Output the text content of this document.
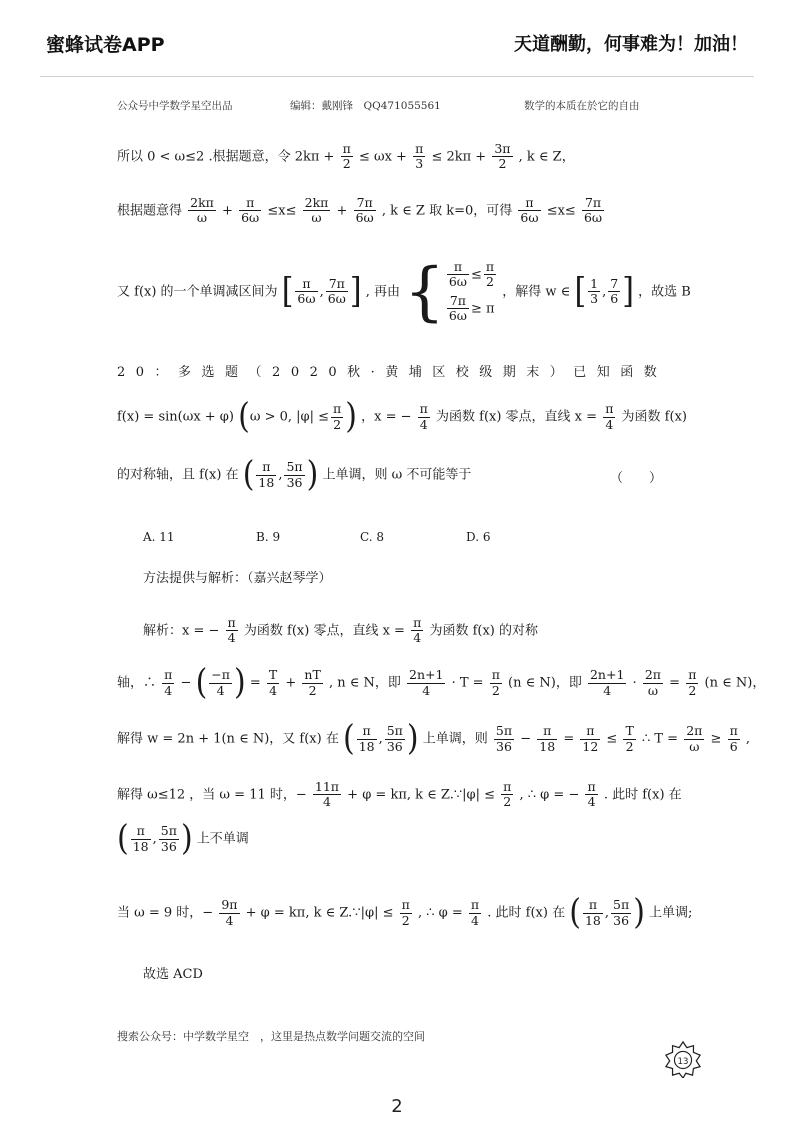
蜜蜂试卷APP	天道酬勤，何事难为！加油！
公众号中学数学星空出品	编辑：戴刚锋　QQ471055561	数学的本质在於它的自由
所以 0 < ω≤2 .根据题意，令 $2k\pi + \frac{\pi}{2} \le \omega x + \frac{\pi}{3} \le 2k\pi + \frac{3\pi}{2}$ , k ∈ Z，
根据题意得 $\frac{2k\pi}{\omega} + \frac{\pi}{6\omega} \le x\le \frac{2k\pi}{\omega} + \frac{7\pi}{6\omega}$ , k ∈ Z 取 k=0，可得 $\frac{\pi}{6\omega} \le x\le \frac{7\pi}{6\omega}$
又 f(x) 的一个单调减区间为 [ $\frac{\pi}{6\omega}$ , $\frac{7\pi}{6\omega}$ ] , 再由 { $\frac{\pi}{6\omega} \le \frac{\pi}{2}$
$\frac{7\pi}{6\omega} \ge \pi$
，解得 w ∈ [ $\frac{1}{3}$ , $\frac{7}{6}$ ] ，故选 B
20：多选题（2020秋·黄埔区校级期末）已知函数
f(x) = sin(ωx + φ) (ω > 0, $|\varphi| \le \frac{\pi}{2}$ ) ，x = − $\frac{\pi}{4}$ 为函数 f(x) 零点，直线 $x = \frac{\pi}{4}$ 为函数 f(x)
的对称轴，且 f(x) 在 ( $\frac{\pi}{18}$ , $\frac{5\pi}{36}$ ) 上单调，则 ω 不可能等于	（　　）
A. 11	B. 9	C. 8	D. 6
方法提供与解析：（嘉兴赵琴学）
解析：x = − $\frac{\pi}{4}$ 为函数 f(x) 零点，直线 $x = \frac{\pi}{4}$ 为函数 f(x) 的对称
轴，∴ $\frac{\pi}{4}$ − ( $\frac{-\pi}{4}$ ) = $\frac{T}{4} + \frac{nT}{2}$ , n ∈ N，即 $\frac{2n+1}{4} \cdot T = \frac{\pi}{2} (n$ ∈ N)，即 $\frac{2n+1}{4} \cdot \frac{2\pi}{\omega} = \frac{\pi}{2} (n$ ∈ N)，
解得 w = 2n + 1(n ∈ N)，又 f(x) 在 ( $\frac{\pi}{18}$ , $\frac{5\pi}{36}$ ) 上单调，则 $\frac{5\pi}{36} - \frac{\pi}{18} = \frac{\pi}{12} \le \frac{T}{2}$ ∴ $T = \frac{2\pi}{\omega} \ge \frac{\pi}{6}$ ,
解得 ω≤12 ，当 ω = 11 时，− $\frac{11\pi}{4} + \varphi = k\pi$, k ∈ Z.∵|φ| ≤ $\frac{\pi}{2}$ , ∴ φ = − $\frac{\pi}{4}$ . 此时 f(x) 在
( $\frac{\pi}{18}$ , $\frac{5\pi}{36}$ ) 上不单调
当 ω = 9 时，− $\frac{9\pi}{4} + \varphi = k\pi$, k ∈ Z.∵|φ| ≤ $\frac{\pi}{2}$ , ∴ $\varphi = \frac{\pi}{4}$ . 此时 f(x) 在 ( $\frac{\pi}{18}$ , $\frac{5\pi}{36}$ ) 上单调;
故选 ACD
搜索公众号：中学数学星空　，这里是热点数学问题交流的空间
13
2
